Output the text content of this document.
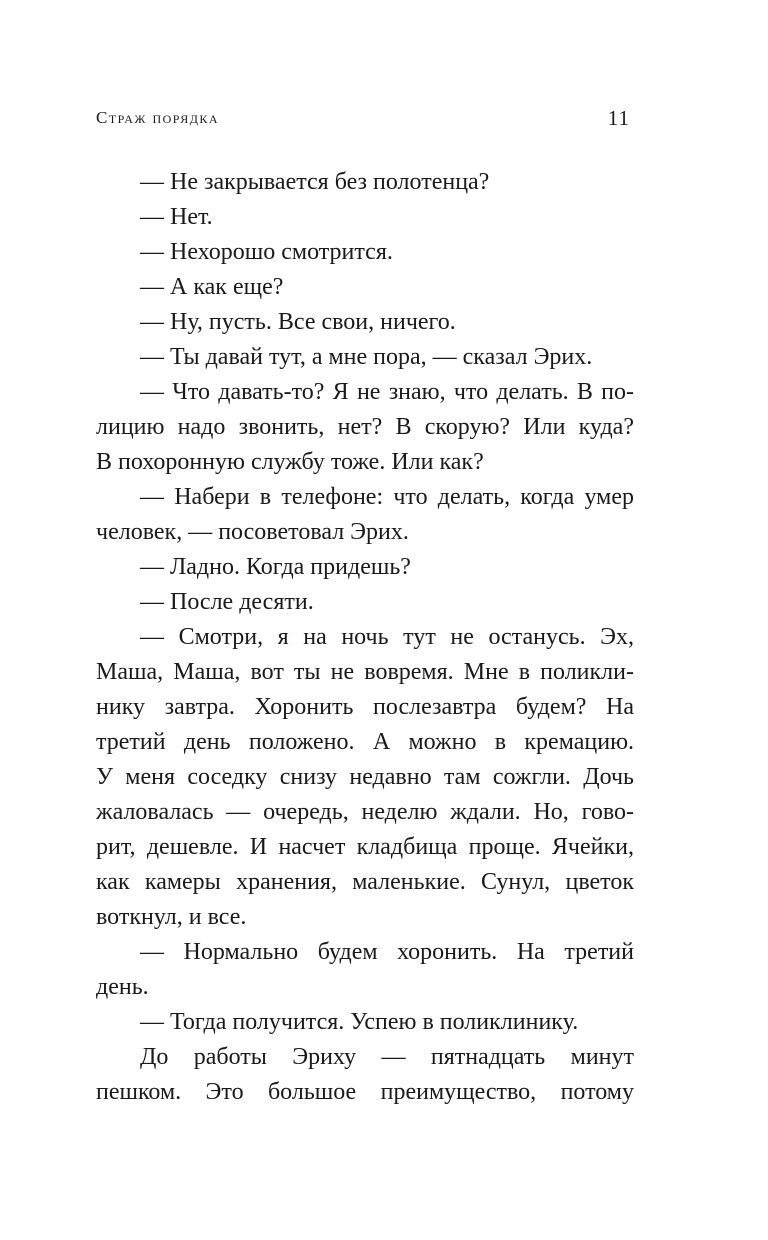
Страж порядка	11
— Не закрывается без полотенца?
— Нет.
— Нехорошо смотрится.
— А как еще?
— Ну, пусть. Все свои, ничего.
— Ты давай тут, а мне пора, — сказал Эрих.
— Что давать-то? Я не знаю, что делать. В по-
лицию надо звонить, нет? В скорую? Или куда?
В похоронную службу тоже. Или как?
— Набери в телефоне: что делать, когда умер
человек, — посоветовал Эрих.
— Ладно. Когда придешь?
— После десяти.
— Смотри, я на ночь тут не останусь. Эх,
Маша, Маша, вот ты не вовремя. Мне в поликли-
нику завтра. Хоронить послезавтра будем? На
третий день положено. А можно в кремацию.
У меня соседку снизу недавно там сожгли. Дочь
жаловалась — очередь, неделю ждали. Но, гово-
рит, дешевле. И насчет кладбища проще. Ячейки,
как камеры хранения, маленькие. Сунул, цветок
воткнул, и все.
— Нормально будем хоронить. На третий
день.
— Тогда получится. Успею в поликлинику.
До работы Эриху — пятнадцать минут
пешком. Это большое преимущество, потому
